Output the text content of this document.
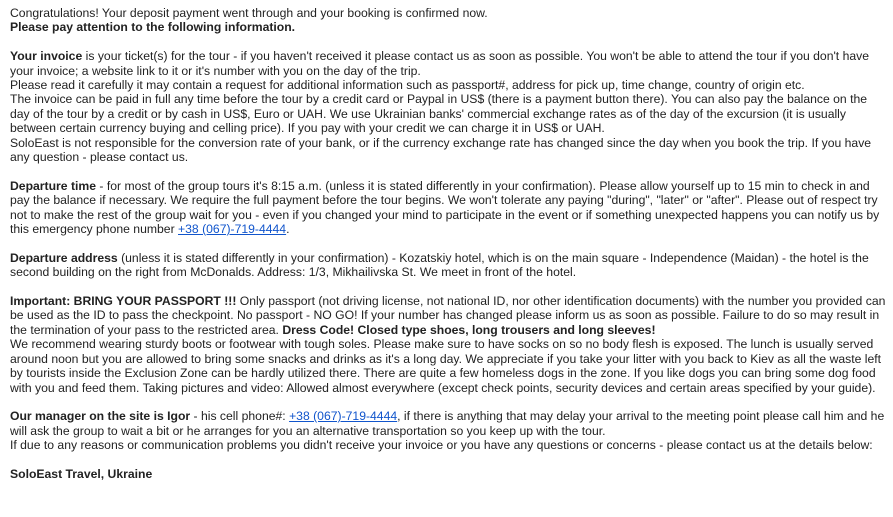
Congratulations! Your deposit payment went through and your booking is confirmed now.
Please pay attention to the following information.

Your invoice is your ticket(s) for the tour - if you haven't received it please contact us as soon as possible. You won't be able to attend the tour if you don't have your invoice; a website link to it or it's number with you on the day of the trip.
Please read it carefully it may contain a request for additional information such as passport#, address for pick up, time change, country of origin etc.
The invoice can be paid in full any time before the tour by a credit card or Paypal in US$ (there is a payment button there). You can also pay the balance on the day of the tour by a credit or by cash in US$, Euro or UAH. We use Ukrainian banks' commercial exchange rates as of the day of the excursion (it is usually between certain currency buying and celling price). If you pay with your credit we can charge it in US$ or UAH.
SoloEast is not responsible for the conversion rate of your bank, or if the currency exchange rate has changed since the day when you book the trip. If you have any question - please contact us.

Departure time - for most of the group tours it's 8:15 a.m. (unless it is stated differently in your confirmation). Please allow yourself up to 15 min to check in and pay the balance if necessary. We require the full payment before the tour begins. We won't tolerate any paying "during", "later" or "after". Please out of respect try not to make the rest of the group wait for you - even if you changed your mind to participate in the event or if something unexpected happens you can notify us by this emergency phone number +38 (067)-719-4444.

Departure address (unless it is stated differently in your confirmation) - Kozatskiy hotel, which is on the main square - Independence (Maidan) - the hotel is the second building on the right from McDonalds. Address: 1/3, Mikhailivska St. We meet in front of the hotel.

Important: BRING YOUR PASSPORT !!! Only passport (not driving license, not national ID, nor other identification documents) with the number you provided can be used as the ID to pass the checkpoint. No passport - NO GO! If your number has changed please inform us as soon as possible. Failure to do so may result in the termination of your pass to the restricted area. Dress Code! Closed type shoes, long trousers and long sleeves!
We recommend wearing sturdy boots or footwear with tough soles. Please make sure to have socks on so no body flesh is exposed. The lunch is usually served around noon but you are allowed to bring some snacks and drinks as it's a long day. We appreciate if you take your litter with you back to Kiev as all the waste left by tourists inside the Exclusion Zone can be hardly utilized there. There are quite a few homeless dogs in the zone. If you like dogs you can bring some dog food with you and feed them. Taking pictures and video: Allowed almost everywhere (except check points, security devices and certain areas specified by your guide).

Our manager on the site is Igor - his cell phone#: +38 (067)-719-4444, if there is anything that may delay your arrival to the meeting point please call him and he will ask the group to wait a bit or he arranges for you an alternative transportation so you keep up with the tour.
If due to any reasons or communication problems you didn't receive your invoice or you have any questions or concerns - please contact us at the details below:

SoloEast Travel, Ukraine
